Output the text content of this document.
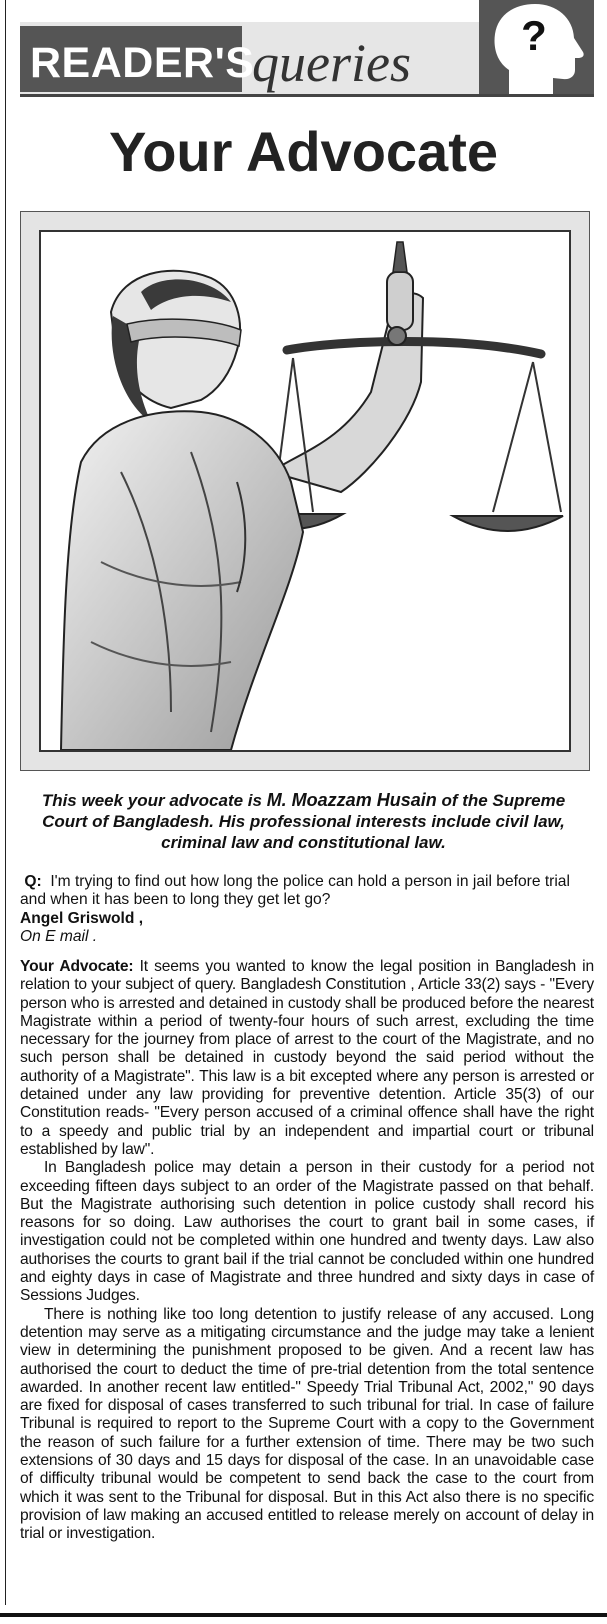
READER'S
queries	?
Your Advocate
This week your advocate is M. Moazzam Husain of the Supreme Court of Bangladesh. His professional interests include civil law, criminal law and constitutional law.
Q: I'm trying to find out how long the police can hold a person in jail before trial and when it has been to long they get let go?
Angel Griswold ,
On E mail .

Your Advocate: It seems you wanted to know the legal position in Bangladesh in relation to your subject of query. Bangladesh Constitution , Article 33(2) says - "Every person who is arrested and detained in custody shall be produced before the nearest Magistrate within a period of twenty-four hours of such arrest, excluding the time necessary for the journey from place of arrest to the court of the Magistrate, and no such person shall be detained in custody beyond the said period without the authority of a Magistrate". This law is a bit excepted where any person is arrested or detained under any law providing for preventive detention. Article 35(3) of our Constitution reads- "Every person accused of a criminal offence shall have the right to a speedy and public trial by an independent and impartial court or tribunal established by law".

In Bangladesh police may detain a person in their custody for a period not exceeding fifteen days subject to an order of the Magistrate passed on that behalf. But the Magistrate authorising such detention in police custody shall record his reasons for so doing. Law authorises the court to grant bail in some cases, if investigation could not be completed within one hundred and twenty days. Law also authorises the courts to grant bail if the trial cannot be concluded within one hundred and eighty days in case of Magistrate and three hundred and sixty days in case of Sessions Judges.

There is nothing like too long detention to justify release of any accused. Long detention may serve as a mitigating circumstance and the judge may take a lenient view in determining the punishment proposed to be given. And a recent law has authorised the court to deduct the time of pre-trial detention from the total sentence awarded. In another recent law entitled-" Speedy Trial Tribunal Act, 2002," 90 days are fixed for disposal of cases transferred to such tribunal for trial. In case of failure Tribunal is required to report to the Supreme Court with a copy to the Government the reason of such failure for a further extension of time. There may be two such extensions of 30 days and 15 days for disposal of the case. In an unavoidable case of difficulty tribunal would be competent to send back the case to the court from which it was sent to the Tribunal for disposal. But in this Act also there is no specific provision of law making an accused entitled to release merely on account of delay in trial or investigation.
